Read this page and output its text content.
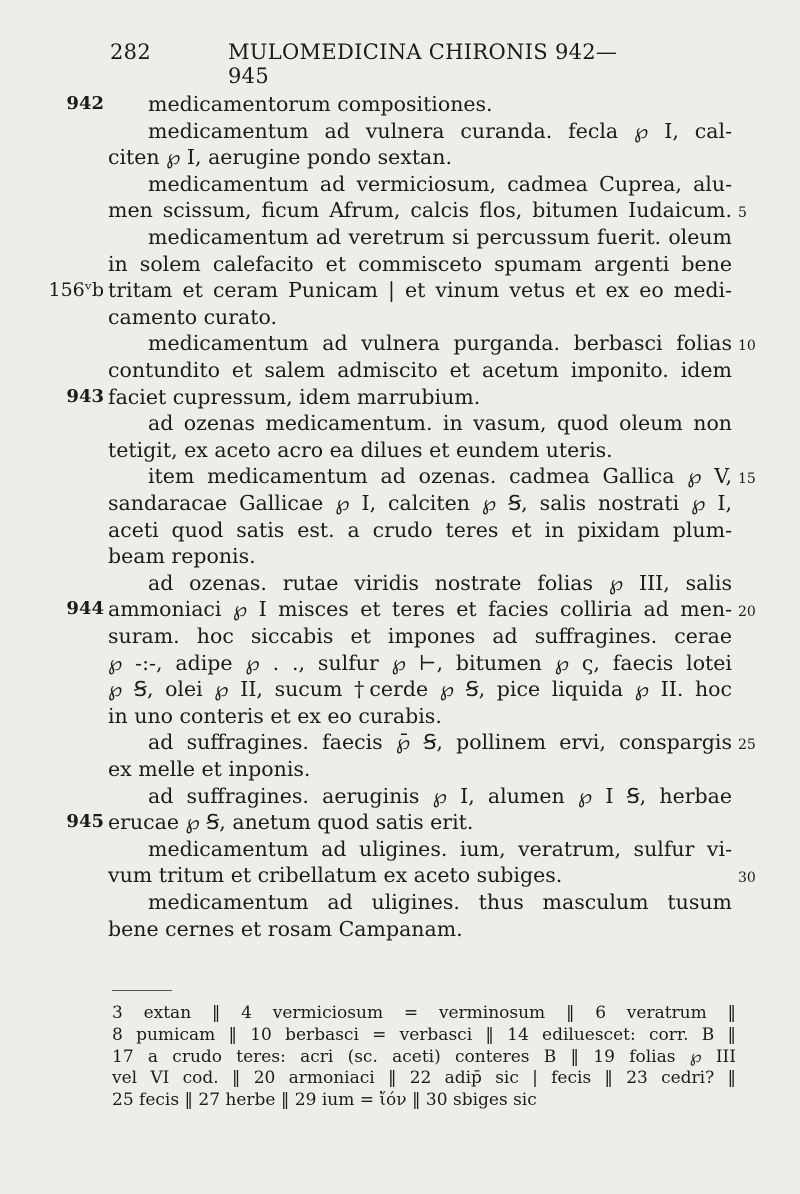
282	MULOMEDICINA CHIRONIS 942—945
medicamentorum compositiones.
medicamentum ad vulnera curanda. fecla ℘ I, cal-
citen ℘ I, aerugine pondo sextan.
medicamentum ad vermiciosum, cadmea Cuprea, alu-
men scissum, ficum Afrum, calcis flos, bitumen Iudaicum.
medicamentum ad veretrum si percussum fuerit. oleum
in solem calefacito et commisceto spumam argenti bene
tritam et ceram Punicam | et vinum vetus et ex eo medi-
camento curato.
medicamentum ad vulnera purganda. berbasci folias
contundito et salem admiscito et acetum imponito. idem
faciet cupressum, idem marrubium.
ad ozenas medicamentum. in vasum, quod oleum non
tetigit, ex aceto acro ea dilues et eundem uteris.
item medicamentum ad ozenas. cadmea Gallica ℘ V,
sandaracae Gallicae ℘ I, calciten ℘ Ꞩ, salis nostrati ℘ I,
aceti quod satis est. a crudo teres et in pixidam plum-
beam reponis.
ad ozenas. rutae viridis nostrate folias ℘ III, salis
ammoniaci ℘ I misces et teres et facies colliria ad men-
suram. hoc siccabis et impones ad suffragines. cerae
℘ -:-, adipe ℘ . ., sulfur ℘ ⊢, bitumen ℘ ς, faecis lotei
℘ Ꞩ, olei ℘ II, sucum †cerde ℘ Ꞩ, pice liquida ℘ II. hoc
in uno conteris et ex eo curabis.
ad suffragines. faecis ℘̄ Ꞩ, pollinem ervi, conspargis
ex melle et inponis.
ad suffragines. aeruginis ℘ I, alumen ℘ I Ꞩ, herbae
erucae ℘ Ꞩ, anetum quod satis erit.
medicamentum ad uligines. ium, veratrum, sulfur vi-
vum tritum et cribellatum ex aceto subiges.
medicamentum ad uligines. thus masculum tusum
bene cernes et rosam Campanam.
942
943
944
945
156ᵛb
5
10
15
20
25
30
3 extan ‖ 4 vermiciosum = verminosum ‖ 6 veratrum ‖
8 pumicam ‖ 10 berbasci = verbasci ‖ 14 ediluescet: corr. B ‖
17 a crudo teres: acri (sc. aceti) conteres B ‖ 19 folias ℘ III
vel VI cod. ‖ 20 armoniaci ‖ 22 adip̄ sic | fecis ‖ 23 cedri? ‖
25 fecis ‖ 27 herbe ‖ 29 ium = ἴόν ‖ 30 sbiges sic
